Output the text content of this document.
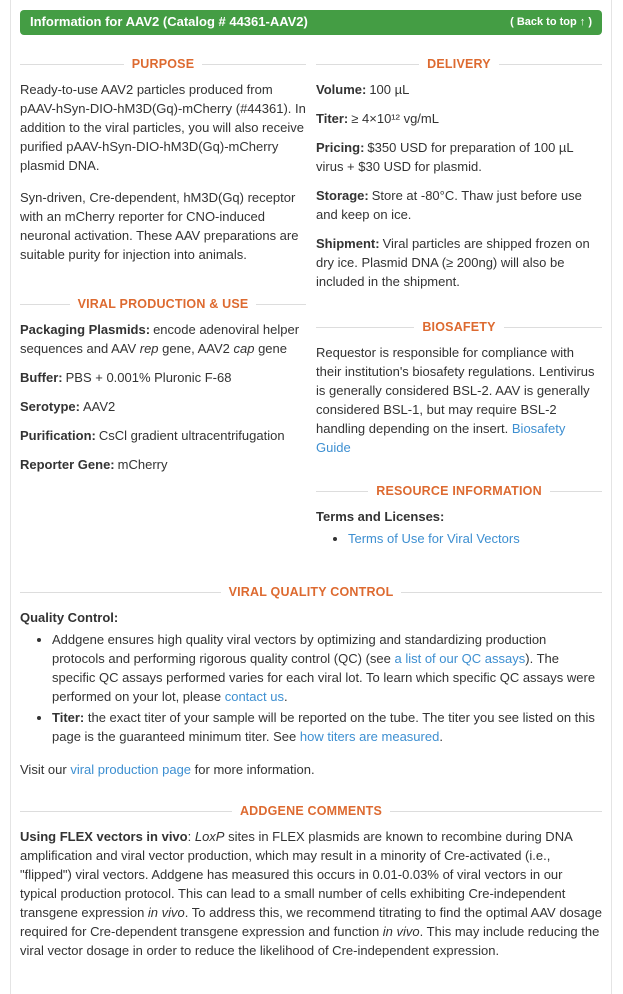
Information for AAV2 (Catalog # 44361-AAV2)	( Back to top ↑ )
PURPOSE

Ready-to-use AAV2 particles produced from pAAV-hSyn-DIO-hM3D(Gq)-mCherry (#44361). In addition to the viral particles, you will also receive purified pAAV-hSyn-DIO-hM3D(Gq)-mCherry plasmid DNA.

Syn-driven, Cre-dependent, hM3D(Gq) receptor with an mCherry reporter for CNO-induced neuronal activation. These AAV preparations are suitable purity for injection into animals.

VIRAL PRODUCTION & USE

Packaging Plasmids: encode adenoviral helper sequences and AAV rep gene, AAV2 cap gene

Buffer: PBS + 0.001% Pluronic F-68

Serotype: AAV2

Purification: CsCl gradient ultracentrifugation

Reporter Gene: mCherry

DELIVERY

Volume: 100 µL

Titer: ≥ 4×10¹² vg/mL

Pricing: $350 USD for preparation of 100 µL virus + $30 USD for plasmid.

Storage: Store at -80°C. Thaw just before use and keep on ice.

Shipment: Viral particles are shipped frozen on dry ice. Plasmid DNA (≥ 200ng) will also be included in the shipment.

BIOSAFETY

Requestor is responsible for compliance with their institution's biosafety regulations. Lentivirus is generally considered BSL-2. AAV is generally considered BSL-1, but may require BSL-2 handling depending on the insert. Biosafety Guide

RESOURCE INFORMATION

Terms and Licenses:

• Terms of Use for Viral Vectors
VIRAL QUALITY CONTROL

Quality Control:

• Addgene ensures high quality viral vectors by optimizing and standardizing production protocols and performing rigorous quality control (QC) (see a list of our QC assays). The specific QC assays performed varies for each viral lot. To learn which specific QC assays were performed on your lot, please contact us.
• Titer: the exact titer of your sample will be reported on the tube. The titer you see listed on this page is the guaranteed minimum titer. See how titers are measured.

Visit our viral production page for more information.

ADDGENE COMMENTS

Using FLEX vectors in vivo: LoxP sites in FLEX plasmids are known to recombine during DNA amplification and viral vector production, which may result in a minority of Cre-activated (i.e., "flipped") viral vectors. Addgene has measured this occurs in 0.01-0.03% of viral vectors in our typical production protocol. This can lead to a small number of cells exhibiting Cre-independent transgene expression in vivo. To address this, we recommend titrating to find the optimal AAV dosage required for Cre-dependent transgene expression and function in vivo. This may include reducing the viral vector dosage in order to reduce the likelihood of Cre-independent expression.
